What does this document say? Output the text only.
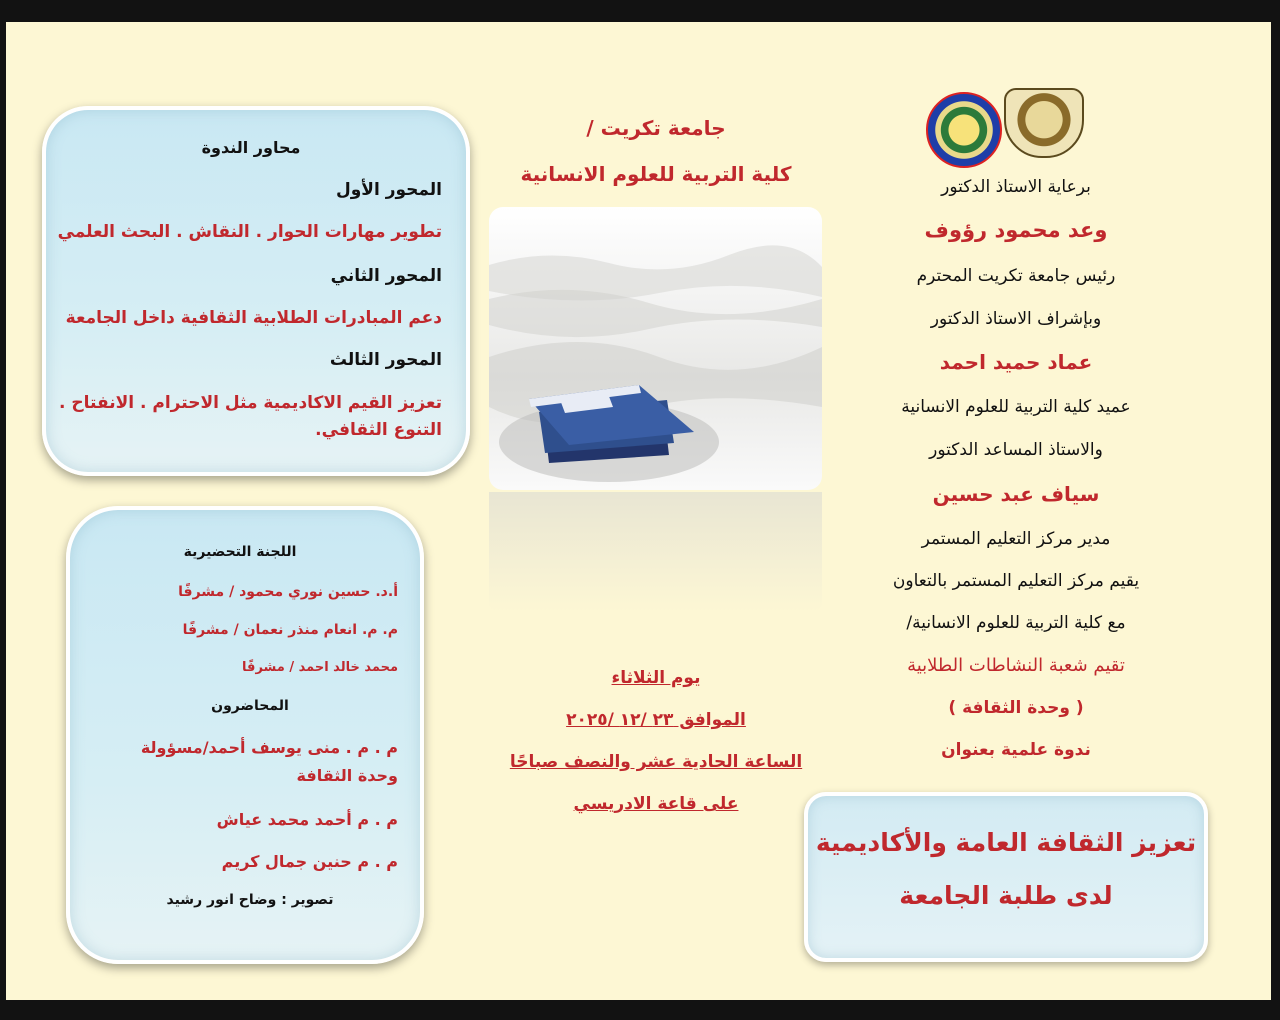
برعاية الاستاذ الدكتور
وعد محمود رؤوف
رئيس جامعة تكريت المحترم
وبإشراف الاستاذ الدكتور
عماد حميد احمد
عميد كلية التربية للعلوم الانسانية
والاستاذ المساعد الدكتور
سياف عبد حسين
مدير مركز التعليم المستمر
يقيم مركز التعليم المستمر بالتعاون
مع كلية التربية للعلوم الانسانية/
تقيم شعبة النشاطات الطلابية
( وحدة الثقافة )
ندوة علمية بعنوان
تعزيز الثقافة العامة والأكاديمية
لدى طلبة الجامعة
جامعة تكريت /
كلية التربية للعلوم الانسانية
يوم الثلاثاء
الموافق ٢٣ /١٢ /٢٠٢٥
الساعة الحادية عشر والنصف صباحًا
على قاعة الادريسي
محاور الندوة
المحور الأول
تطوير مهارات الحوار . النقاش . البحث العلمي
المحور الثاني
دعم المبادرات الطلابية الثقافية داخل الجامعة
المحور الثالث
تعزيز القيم الاكاديمية مثل الاحترام . الانفتاح .
التنوع الثقافي.
اللجنة التحضيرية
أ.د. حسين نوري محمود / مشرفًا
م. م. انعام منذر نعمان / مشرفًا
محمد خالد احمد / مشرفًا
المحاضرون
م . م . منى يوسف أحمد/مسؤولة
وحدة الثقافة
م . م أحمد محمد عياش
م . م حنين جمال كريم
تصوير : وضاح انور رشيد
